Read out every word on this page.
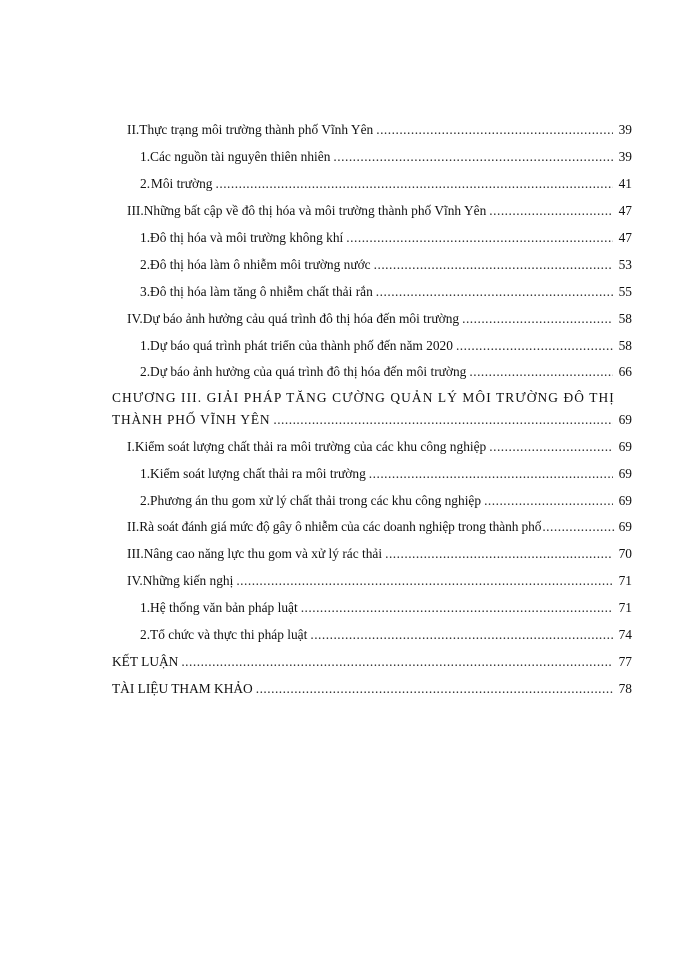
II. Thực trạng môi trường thành phố Vĩnh Yên .....	39
1. Các nguồn tài nguyên thiên nhiên .....	39
2. Môi trường .....	41
III. Những bất cập về đô thị hóa và môi trường thành phố Vĩnh Yên .....	47
1. Đô thị hóa và môi trường không khí .....	47
2. Đô thị hóa làm ô nhiễm môi trường nước .....	53
3. Đô thị hóa làm tăng ô nhiễm chất thải rắn .....	55
IV. Dự báo ảnh hưởng cảu quá trình đô thị hóa đến môi trường .....	58
1. Dự báo quá trình phát triển của thành phố đến năm 2020 .....	58
2. Dự báo ảnh hưởng của quá trình đô thị hóa đến môi trường .....	66
CHƯƠNG III. GIẢI PHÁP TĂNG CƯỜNG QUẢN LÝ MÔI TRƯỜNG ĐÔ THỊ
THÀNH PHỐ VĨNH YÊN .....	69
I. Kiểm soát lượng chất thải ra môi trường của các khu công nghiệp .....	69
1. Kiểm soát lượng chất thải ra môi trường .....	69
2. Phương án thu gom xử lý chất thải trong các khu công nghiệp .....	69
II. Rà soát đánh giá mức độ gây ô nhiễm của các doanh nghiệp trong thành phố .....	69
III. Nâng cao năng lực thu gom và xử lý rác thải .....	70
IV. Những kiến nghị .....	71
1. Hệ thống văn bản pháp luật .....	71
2. Tổ chức và thực thi pháp luật .....	74
KẾT LUẬN .....	77
TÀI LIỆU THAM KHẢO .....	78
